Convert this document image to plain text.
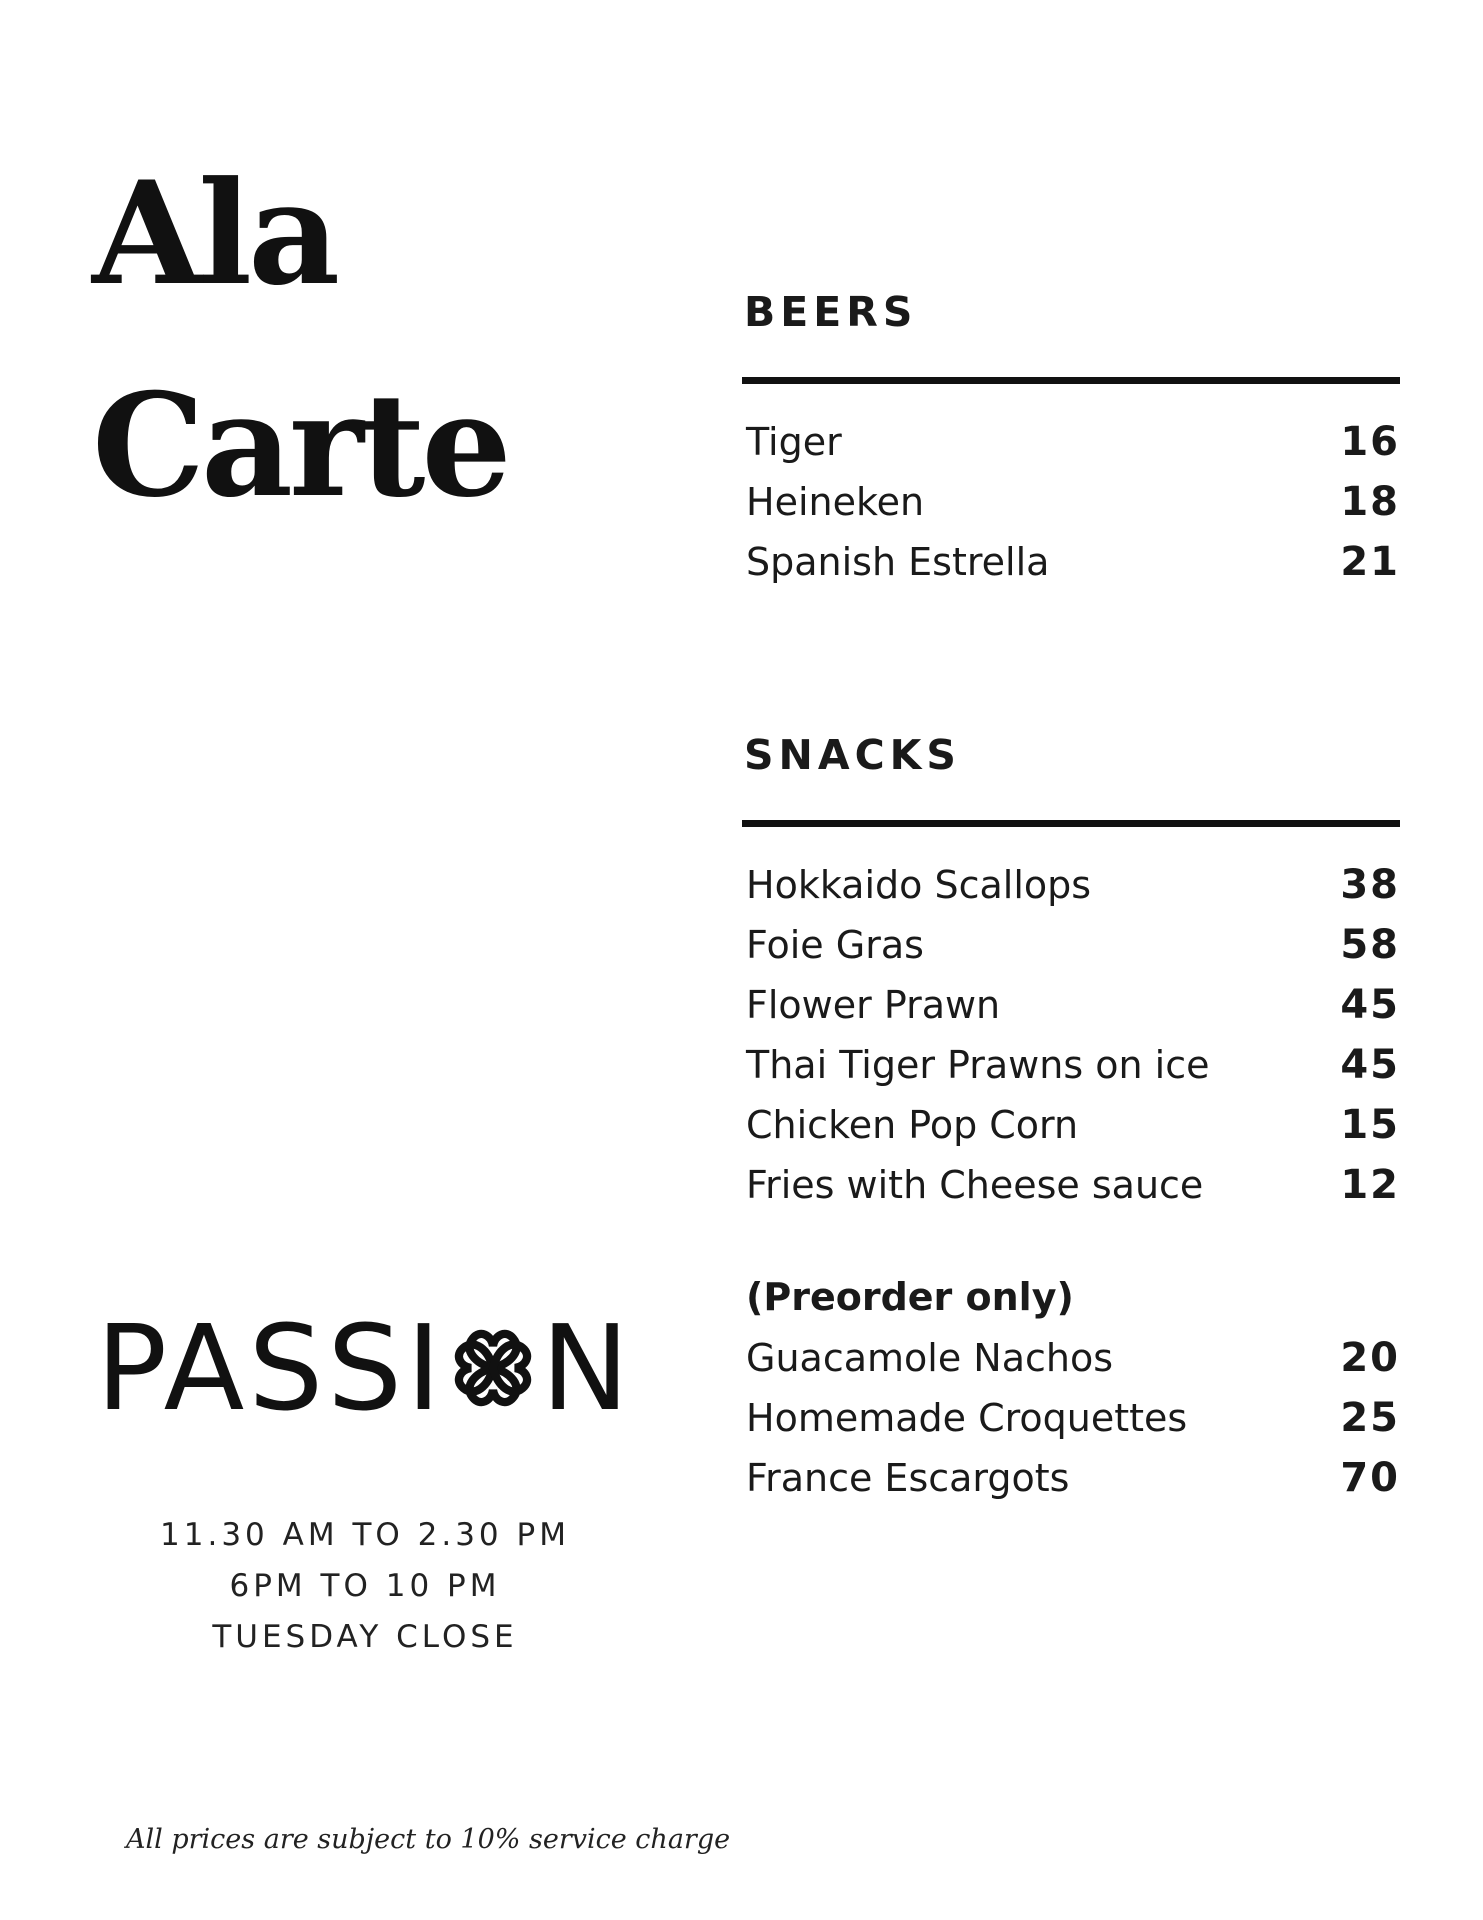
Ala
Carte
BEERS
Tiger	16
Heineken	18
Spanish Estrella	21
SNACKS
Hokkaido Scallops	38
Foie Gras	58
Flower Prawn	45
Thai Tiger Prawns on ice	45
Chicken Pop Corn	15
Fries with Cheese sauce	12
(Preorder only)
Guacamole Nachos	20
Homemade Croquettes	25
France Escargots	70
PASSI N
11.30 AM TO 2.30 PM
6PM TO 10 PM
TUESDAY CLOSE
All prices are subject to 10% service charge
